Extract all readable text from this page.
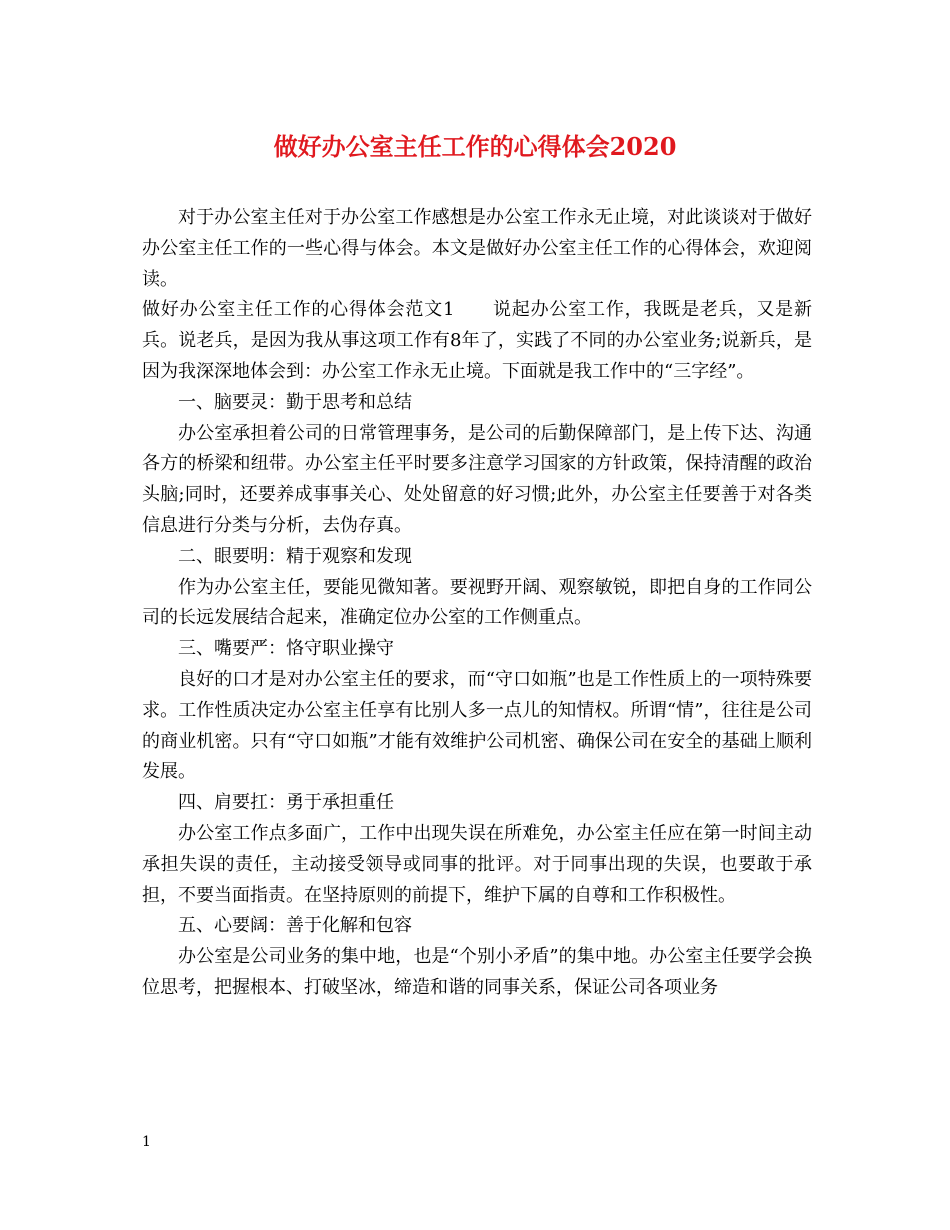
做好办公室主任工作的心得体会2020

对于办公室主任对于办公室工作感想是办公室工作永无止境，对此谈谈对于做好办公室主任工作的一些心得与体会。本文是做好办公室主任工作的心得体会，欢迎阅读。

做好办公室主任工作的心得体会范文1　　说起办公室工作，我既是老兵，又是新兵。说老兵，是因为我从事这项工作有8年了，实践了不同的办公室业务;说新兵，是因为我深深地体会到：办公室工作永无止境。下面就是我工作中的“三字经”。

一、脑要灵：勤于思考和总结

办公室承担着公司的日常管理事务，是公司的后勤保障部门，是上传下达、沟通各方的桥梁和纽带。办公室主任平时要多注意学习国家的方针政策，保持清醒的政治头脑;同时，还要养成事事关心、处处留意的好习惯;此外，办公室主任要善于对各类信息进行分类与分析，去伪存真。

二、眼要明：精于观察和发现

作为办公室主任，要能见微知著。要视野开阔、观察敏锐，即把自身的工作同公司的长远发展结合起来，准确定位办公室的工作侧重点。

三、嘴要严：恪守职业操守

良好的口才是对办公室主任的要求，而“守口如瓶”也是工作性质上的一项特殊要求。工作性质决定办公室主任享有比别人多一点儿的知情权。所谓“情”，往往是公司的商业机密。只有“守口如瓶”才能有效维护公司机密、确保公司在安全的基础上顺利发展。

四、肩要扛：勇于承担重任

办公室工作点多面广，工作中出现失误在所难免，办公室主任应在第一时间主动承担失误的责任，主动接受领导或同事的批评。对于同事出现的失误，也要敢于承担，不要当面指责。在坚持原则的前提下，维护下属的自尊和工作积极性。

五、心要阔：善于化解和包容

办公室是公司业务的集中地，也是“个别小矛盾”的集中地。办公室主任要学会换位思考，把握根本、打破坚冰，缔造和谐的同事关系，保证公司各项业务

1
